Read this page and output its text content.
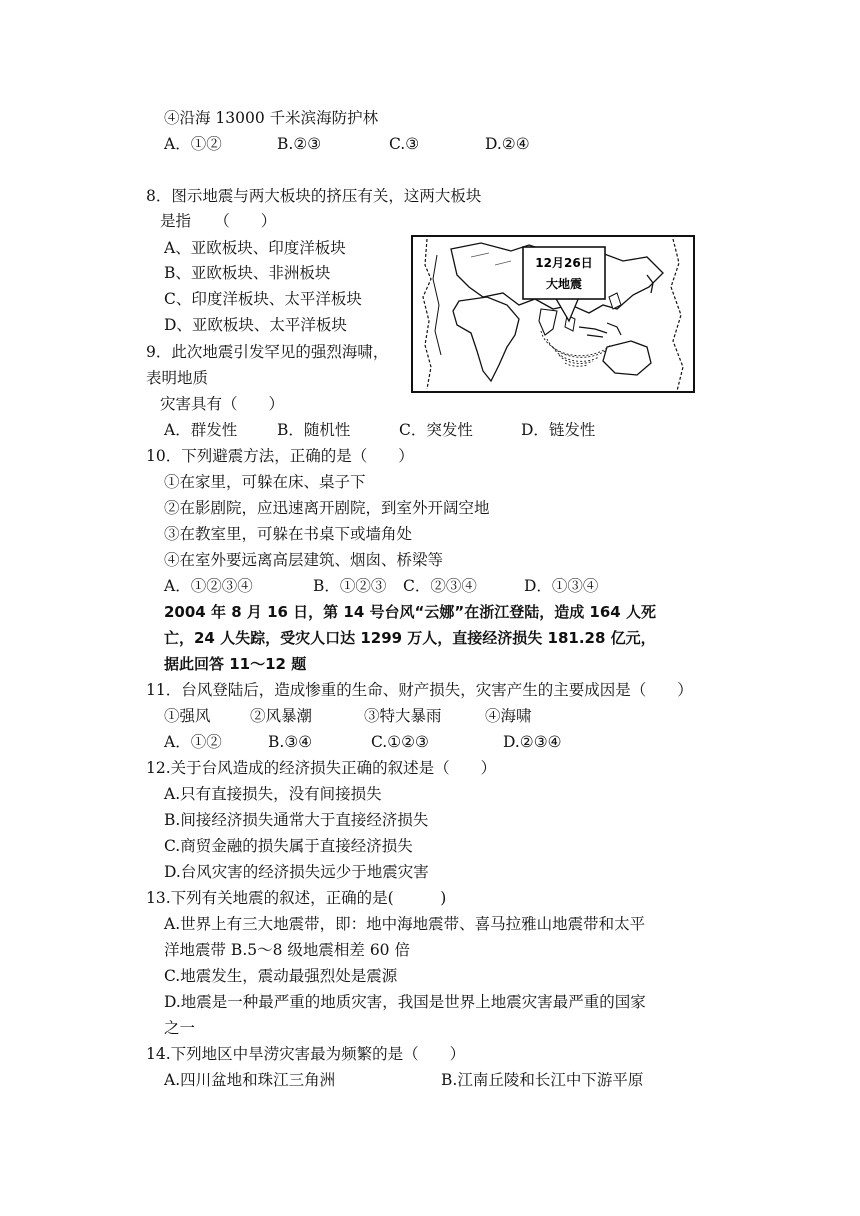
④沿海 13000 千米滨海防护林
A．①②	B.②③	C.③	D.②④
8．图示地震与两大板块的挤压有关，这两大板块
是指　　（　　）
A、亚欧板块、印度洋板块
B、亚欧板块、非洲板块
C、印度洋板块、太平洋板块
D、亚欧板块、太平洋板块
12月26日
大地震
9．此次地震引发罕见的强烈海啸，
表明地质
灾害具有（　　）
A．群发性	B．随机性	C．突发性	D．链发性
10．下列避震方法，正确的是（　　）
①在家里，可躲在床、桌子下
②在影剧院，应迅速离开剧院，到室外开阔空地
③在教室里，可躲在书桌下或墙角处
④在室外要远离高层建筑、烟囱、桥梁等
A．①②③④	B．①②③ C．②③④	D．①③④
2004 年 8 月 16 日，第 14 号台风“云娜”在浙江登陆，造成 164 人死
亡，24 人失踪，受灾人口达 1299 万人，直接经济损失 181.28 亿元，
据此回答 11～12 题
11．台风登陆后，造成惨重的生命、财产损失，灾害产生的主要成因是（　　）
①强风	②风暴潮	③特大暴雨	④海啸
A．①②	B.③④	C.①②③	D.②③④
12.关于台风造成的经济损失正确的叙述是（　　）
A.只有直接损失，没有间接损失
B.间接经济损失通常大于直接经济损失
C.商贸金融的损失属于直接经济损失
D.台风灾害的经济损失远少于地震灾害
13.下列有关地震的叙述，正确的是(　　　)
A.世界上有三大地震带，即：地中海地震带、喜马拉雅山地震带和太平
洋地震带 B.5～8 级地震相差 60 倍
C.地震发生，震动最强烈处是震源
D.地震是一种最严重的地质灾害，我国是世界上地震灾害最严重的国家
之一
14.下列地区中旱涝灾害最为频繁的是（　　）
A.四川盆地和珠江三角洲	B.江南丘陵和长江中下游平原
